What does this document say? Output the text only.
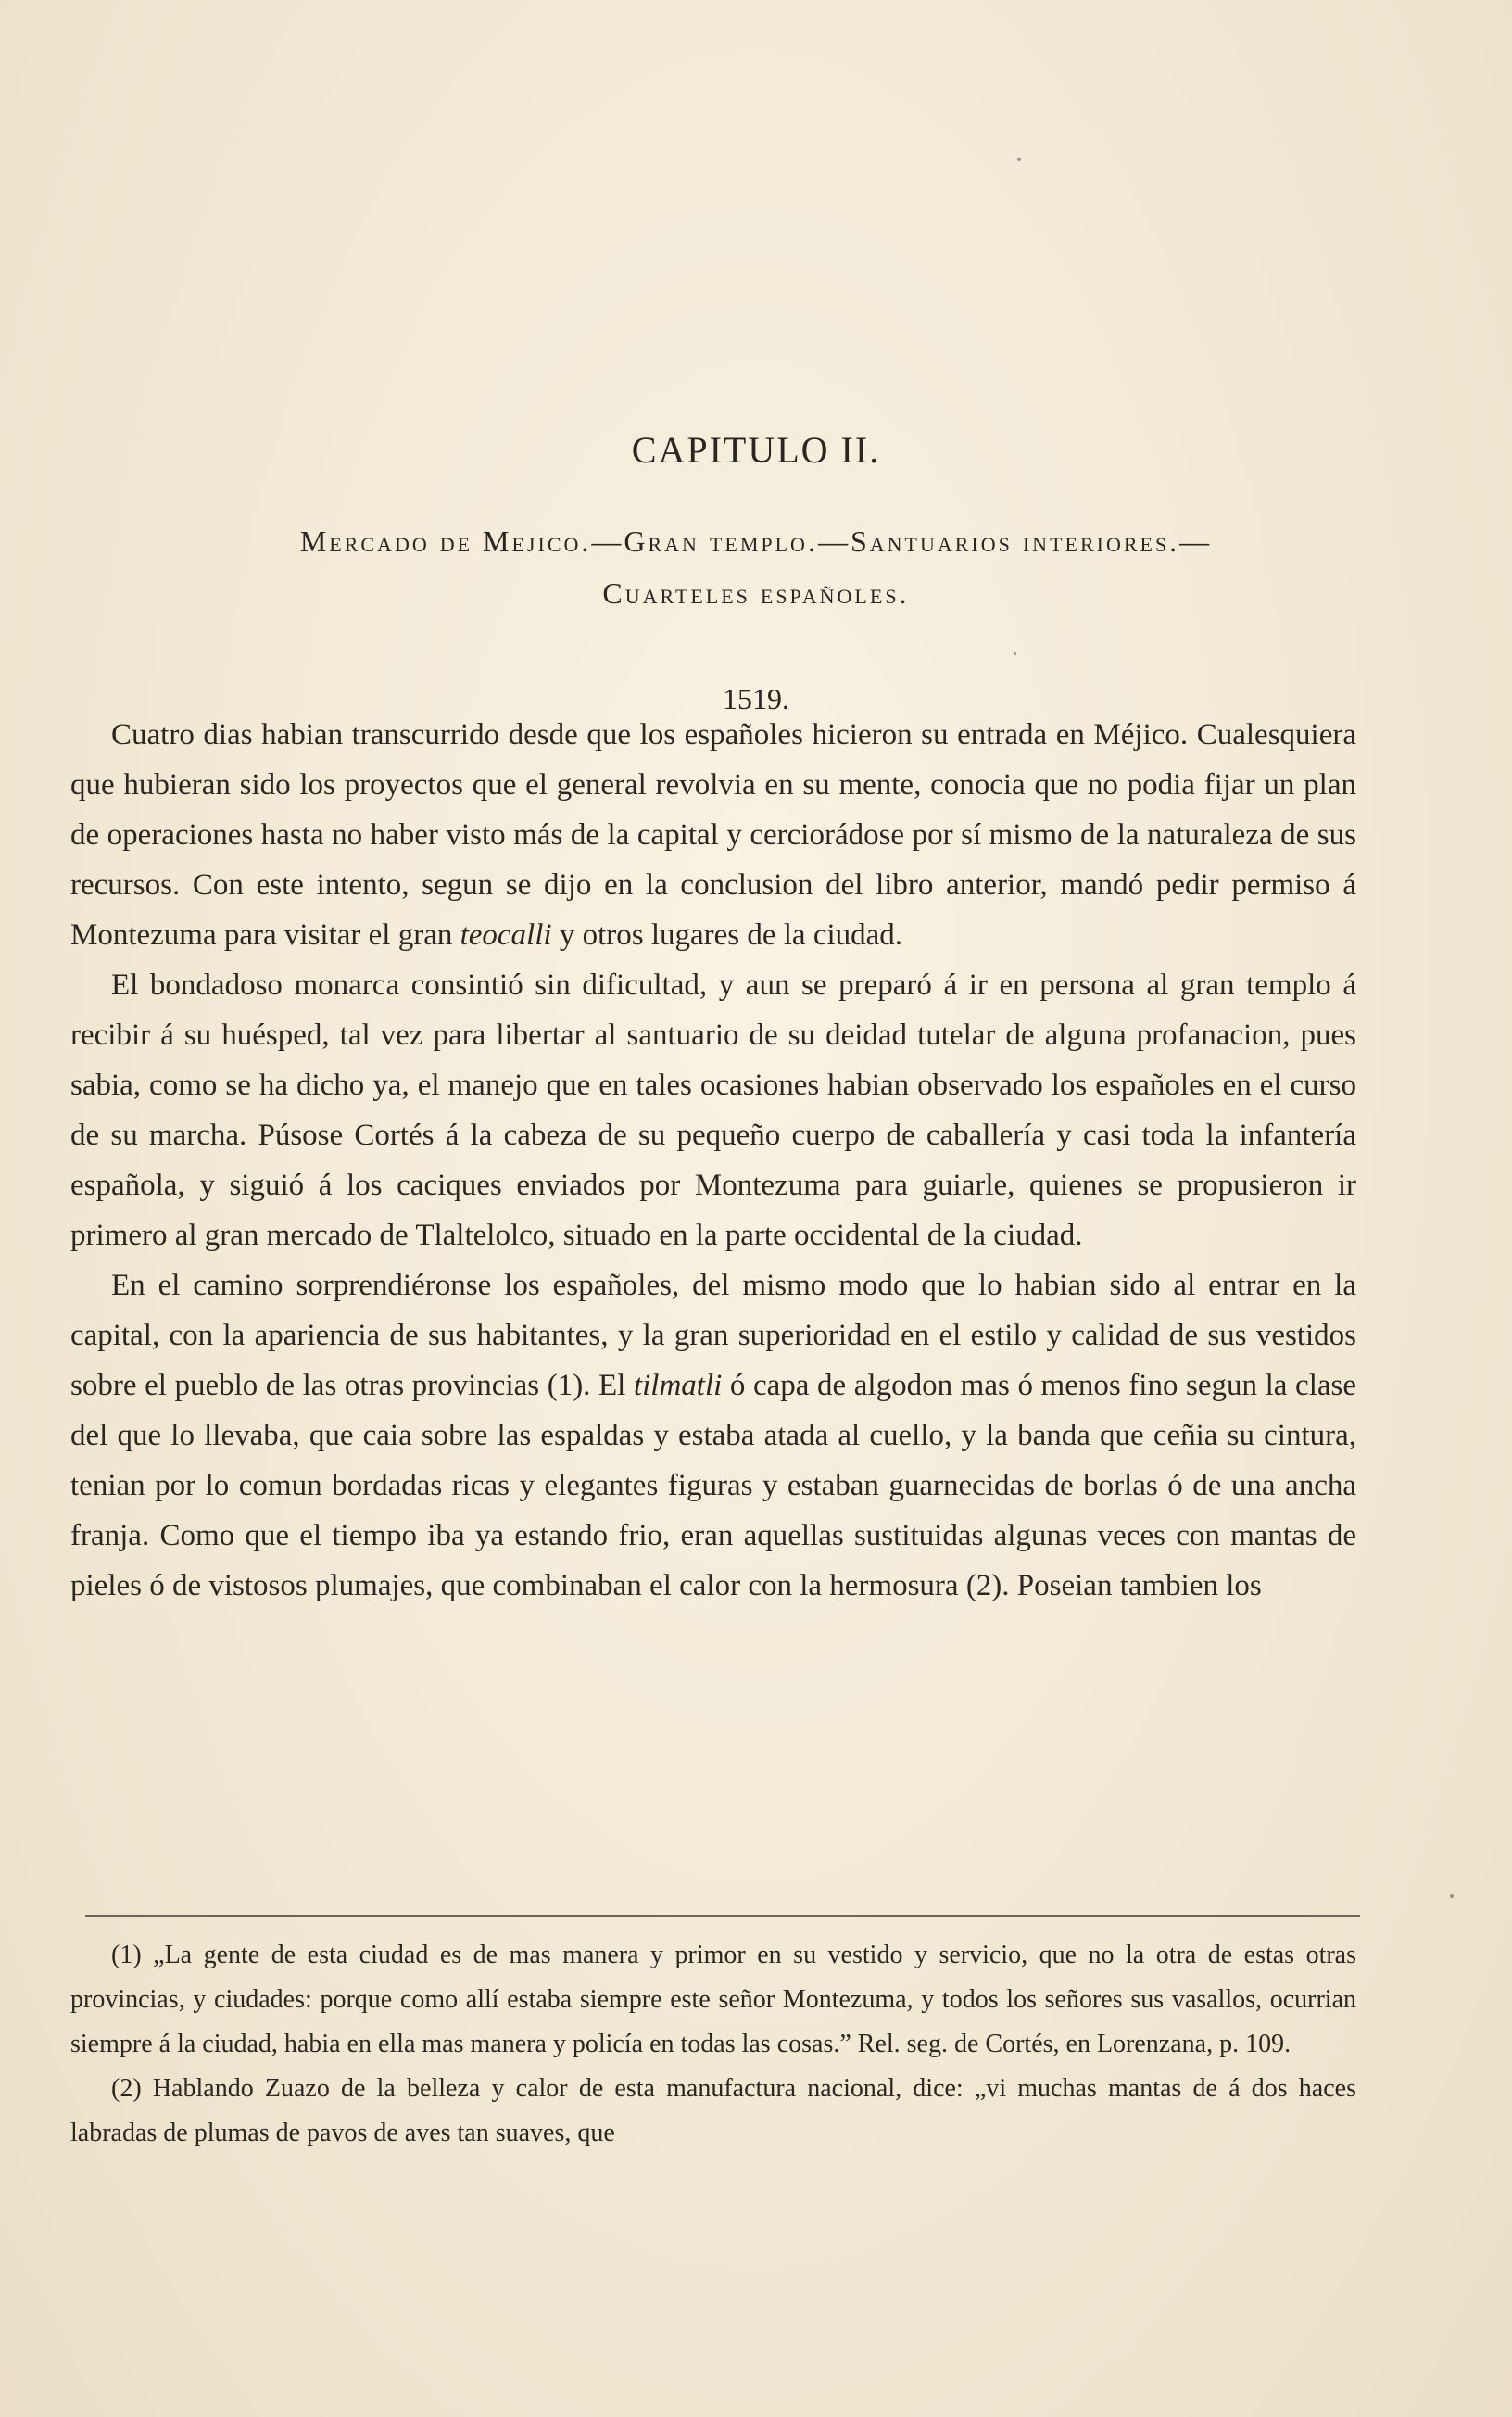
CAPITULO II.
Mercado de Mejico.—Gran templo.—Santuarios interiores.—
Cuarteles españoles.
1519.

Cuatro dias habian transcurrido desde que los españoles hicieron su entrada en Méjico. Cualesquiera que hubieran sido los proyectos que el general revolvia en su mente, conocia que no podia fijar un plan de operaciones hasta no haber visto más de la capital y cerciorádose por sí mismo de la naturaleza de sus recursos. Con este intento, segun se dijo en la conclusion del libro anterior, mandó pedir permiso á Montezuma para visitar el gran teocalli y otros lugares de la ciudad.

El bondadoso monarca consintió sin dificultad, y aun se preparó á ir en persona al gran templo á recibir á su huésped, tal vez para libertar al santuario de su deidad tutelar de alguna profanacion, pues sabia, como se ha dicho ya, el manejo que en tales ocasiones habian observado los españoles en el curso de su marcha. Púsose Cortés á la cabeza de su pequeño cuerpo de caballería y casi toda la infantería española, y siguió á los caciques enviados por Montezuma para guiarle, quienes se propusieron ir primero al gran mercado de Tlaltelolco, situado en la parte occidental de la ciudad.

En el camino sorprendiéronse los españoles, del mismo modo que lo habian sido al entrar en la capital, con la apariencia de sus habitantes, y la gran superioridad en el estilo y calidad de sus vestidos sobre el pueblo de las otras provincias (1). El tilmatli ó capa de algodon mas ó menos fino segun la clase del que lo llevaba, que caia sobre las espaldas y estaba atada al cuello, y la banda que ceñia su cintura, tenian por lo comun bordadas ricas y elegantes figuras y estaban guarnecidas de borlas ó de una ancha franja. Como que el tiempo iba ya estando frio, eran aquellas sustituidas algunas veces con mantas de pieles ó de vistosos plumajes, que combinaban el calor con la hermosura (2). Poseian tambien los

(1) „La gente de esta ciudad es de mas manera y primor en su vestido y servicio, que no la otra de estas otras provincias, y ciudades: porque como allí estaba siempre este señor Montezuma, y todos los señores sus vasallos, ocurrian siempre á la ciudad, habia en ella mas manera y policía en todas las cosas.” Rel. seg. de Cortés, en Lorenzana, p. 109.

(2) Hablando Zuazo de la belleza y calor de esta manufactura nacional, dice: „vi muchas mantas de á dos haces labradas de plumas de pavos de aves tan suaves, que
